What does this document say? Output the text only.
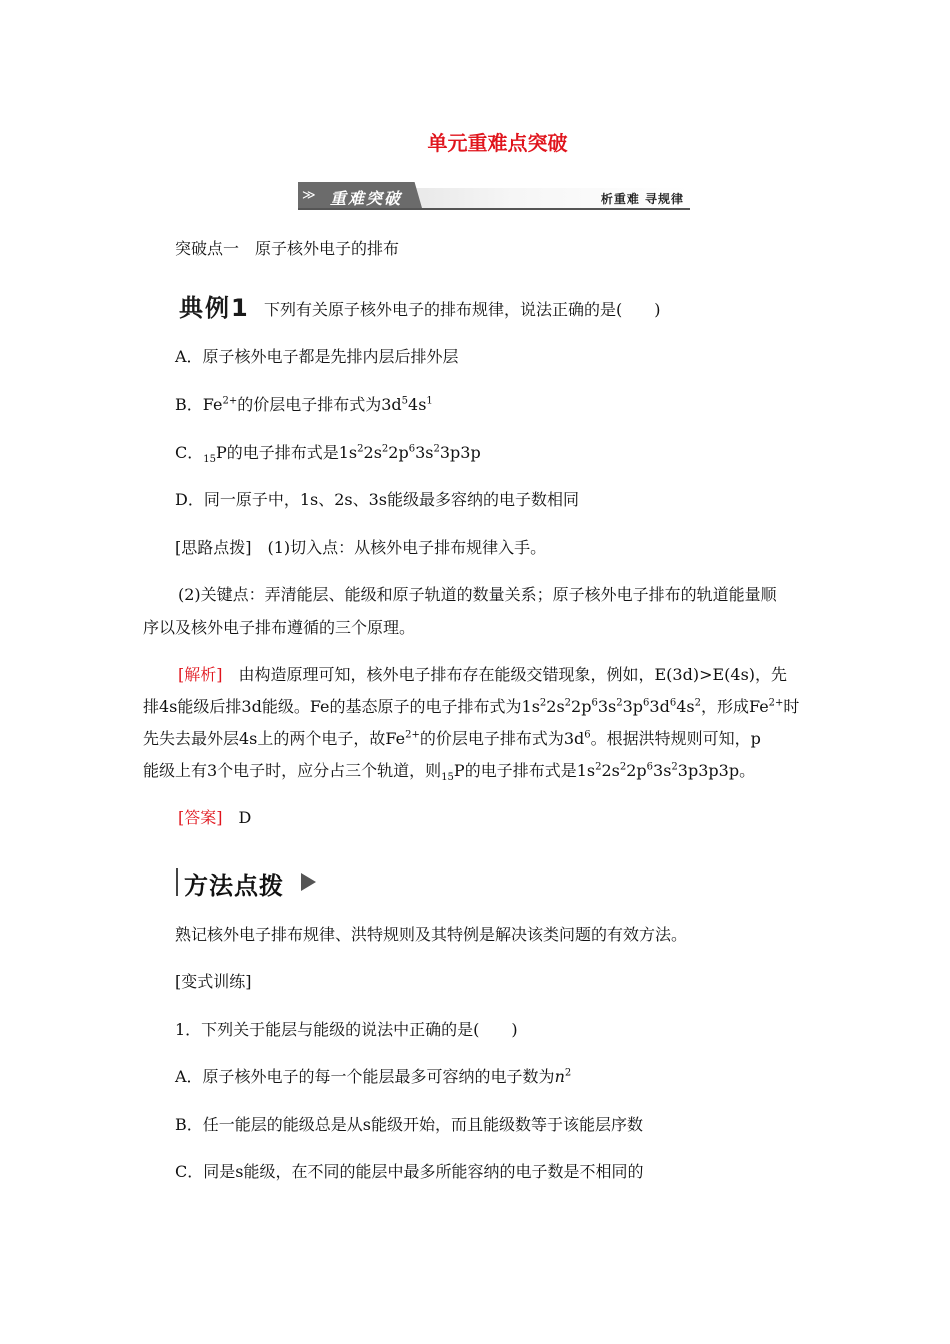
单元重难点突破
≫ 重难突破	析重难 寻规律
突破点一　原子核外电子的排布
典例1 下列有关原子核外电子的排布规律，说法正确的是(　　)
A．原子核外电子都是先排内层后排外层
B．$Fe^{2+}$的价层电子排布式为$3d^54s^1$
C．$_{15}$P的电子排布式是$1s^22s^22p^63s^23p3p$
D．同一原子中，1s、2s、3s能级最多容纳的电子数相同
[思路点拨]　(1)切入点：从核外电子排布规律入手。
(2)关键点：弄清能层、能级和原子轨道的数量关系；原子核外电子排布的轨道能量顺
序以及核外电子排布遵循的三个原理。
[解析]　由构造原理可知，核外电子排布存在能级交错现象，例如，E(3d)>E(4s)，先
排4s能级后排3d能级。Fe的基态原子的电子排布式为$1s^22s^22p^63s^23p^63d^64s^2$，形成$Fe^{2+}$时
先失去最外层4s上的两个电子，故$Fe^{2+}$的价层电子排布式为$3d^6$。根据洪特规则可知，p
能级上有3个电子时，应分占三个轨道，则$_{15}$P的电子排布式是$1s^22s^22p^63s^23p3p3p$。
[答案]　D
方法点拨
熟记核外电子排布规律、洪特规则及其特例是解决该类问题的有效方法。
[变式训练]
1．下列关于能层与能级的说法中正确的是(　　)
A．原子核外电子的每一个能层最多可容纳的电子数为$n^2$
B．任一能层的能级总是从s能级开始，而且能级数等于该能层序数
C．同是s能级，在不同的能层中最多所能容纳的电子数是不相同的
